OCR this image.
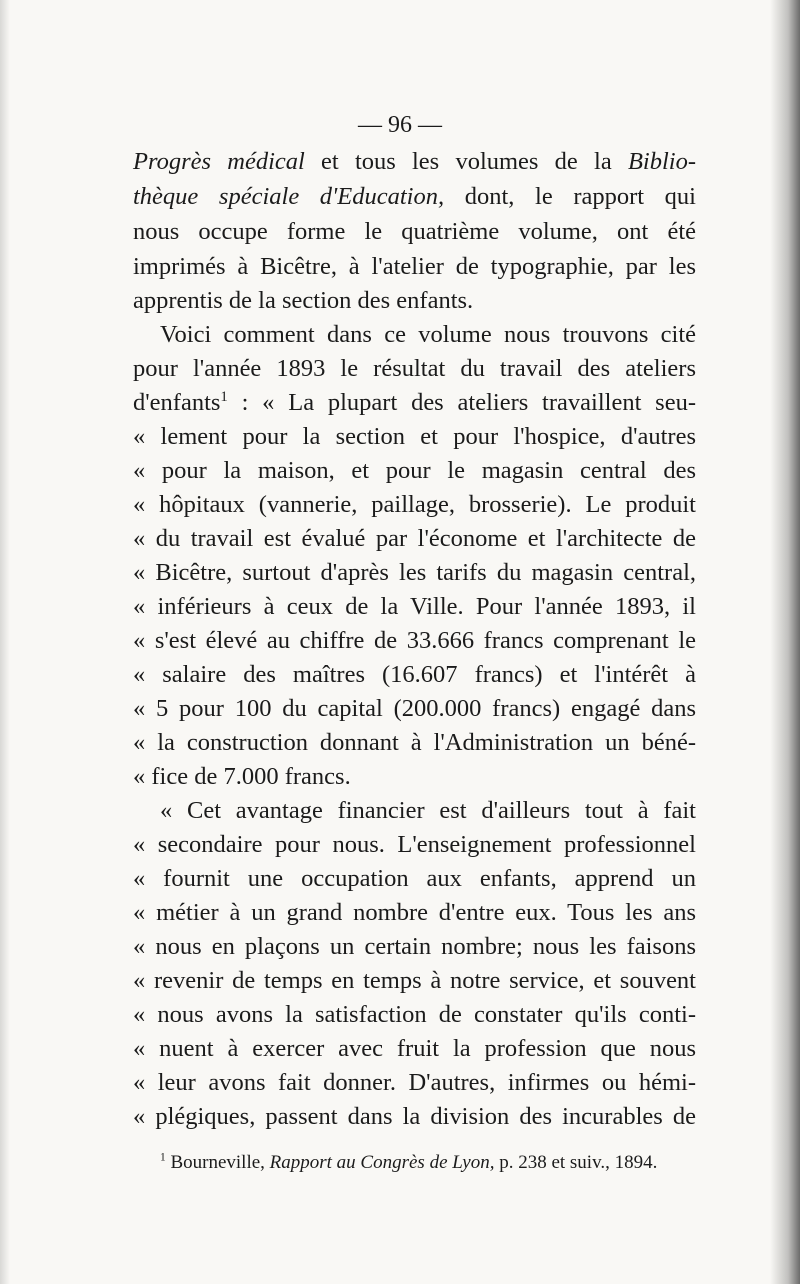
— 96 —
Progrès médical et tous les volumes de la Biblio-
thèque spéciale d'Education, dont, le rapport qui
nous occupe forme le quatrième volume, ont été
imprimés à Bicêtre, à l'atelier de typographie, par les
apprentis de la section des enfants.
Voici comment dans ce volume nous trouvons cité
pour l'année 1893 le résultat du travail des ateliers
d'enfants$^1$ : « La plupart des ateliers travaillent seu-
« lement pour la section et pour l'hospice, d'autres
« pour la maison, et pour le magasin central des
« hôpitaux (vannerie, paillage, brosserie). Le produit
« du travail est évalué par l'économe et l'architecte de
« Bicêtre, surtout d'après les tarifs du magasin central,
« inférieurs à ceux de la Ville. Pour l'année 1893, il
« s'est élevé au chiffre de 33.666 francs comprenant le
« salaire des maîtres (16.607 francs) et l'intérêt à
« 5 pour 100 du capital (200.000 francs) engagé dans
« la construction donnant à l'Administration un béné-
« fice de 7.000 francs.
« Cet avantage financier est d'ailleurs tout à fait
« secondaire pour nous. L'enseignement professionnel
« fournit une occupation aux enfants, apprend un
« métier à un grand nombre d'entre eux. Tous les ans
« nous en plaçons un certain nombre; nous les faisons
« revenir de temps en temps à notre service, et souvent
« nous avons la satisfaction de constater qu'ils conti-
« nuent à exercer avec fruit la profession que nous
« leur avons fait donner. D'autres, infirmes ou hémi-
« plégiques, passent dans la division des incurables de
$^1$ Bourneville, Rapport au Congrès de Lyon, p. 238 et suiv., 1894.
